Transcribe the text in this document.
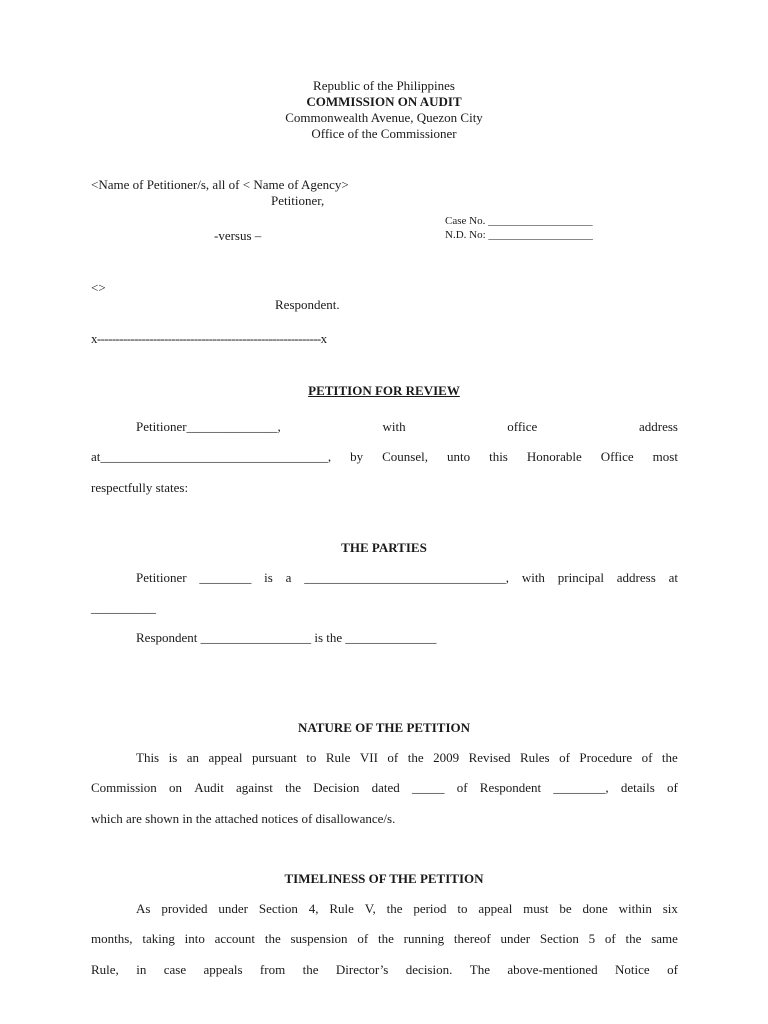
Republic of the Philippines
COMMISSION ON AUDIT
Commonwealth Avenue, Quezon City
Office of the Commissioner
<Name of Petitioner/s, all of < Name of Agency>
Petitioner,
Case No. ___________________
N.D. No: ___________________
-versus –
<>
Respondent.
x------------------------------------------------------------x
PETITION FOR REVIEW
Petitioner______________,	with	office	address
at___________________________________, by Counsel, unto this Honorable Office most
respectfully states:
THE PARTIES
Petitioner ________ is a _______________________________, with principal address at
__________
Respondent _________________ is the ______________
NATURE OF THE PETITION
This is an appeal pursuant to Rule VII of the 2009 Revised Rules of Procedure of the
Commission on Audit against the Decision dated _____ of Respondent ________, details of
which are shown in the attached notices of disallowance/s.
TIMELINESS OF THE PETITION
As provided under Section 4, Rule V, the period to appeal must be done within six
months, taking into account the suspension of the running thereof under Section 5 of the same
Rule, in case appeals from the Director’s decision. The above-mentioned Notice of
